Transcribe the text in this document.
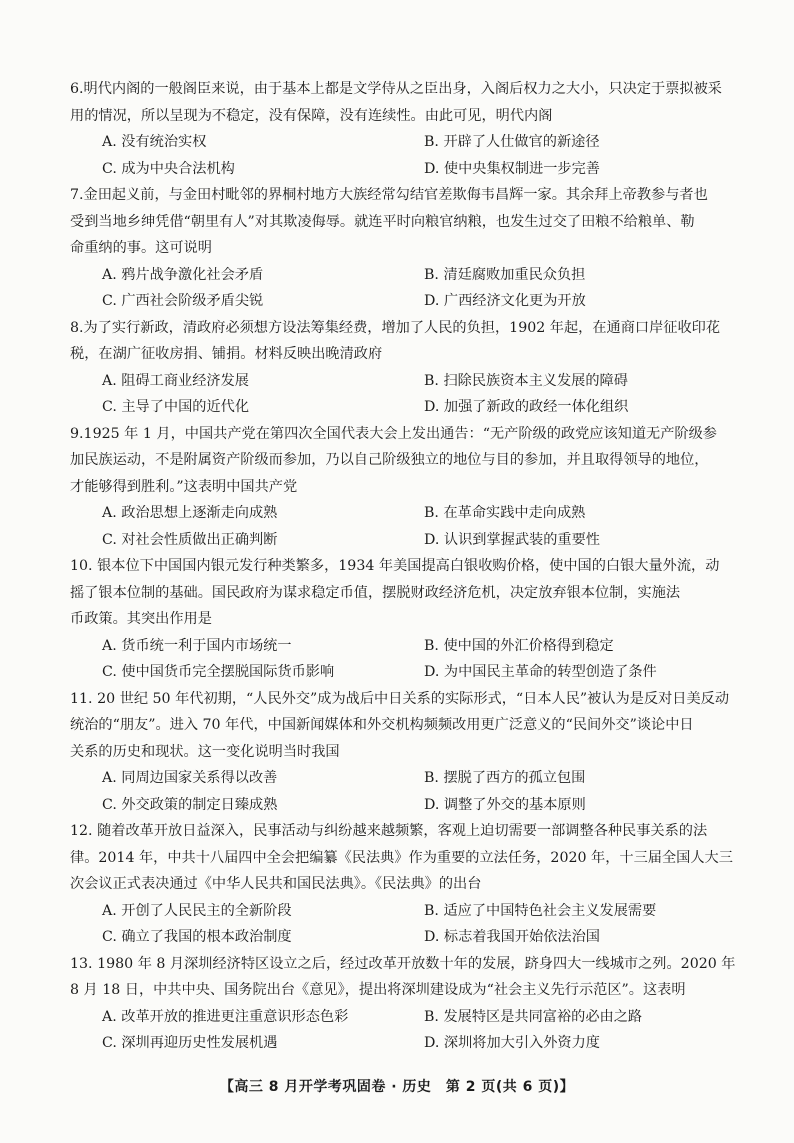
6.明代内阁的一般阁臣来说，由于基本上都是文学侍从之臣出身，入阁后权力之大小，只决定于票拟被采
用的情况，所以呈现为不稳定，没有保障，没有连续性。由此可见，明代内阁
A. 没有统治实权	B. 开辟了人仕做官的新途径
C. 成为中央合法机构	D. 使中央集权制进一步完善
7.金田起义前，与金田村毗邻的界桐村地方大族经常勾结官差欺侮韦昌辉一家。其余拜上帝教参与者也
受到当地乡绅凭借“朝里有人”对其欺凌侮辱。就连平时向粮官纳粮，也发生过交了田粮不给粮单、勒
命重纳的事。这可说明
A. 鸦片战争激化社会矛盾	B. 清廷腐败加重民众负担
C. 广西社会阶级矛盾尖锐	D. 广西经济文化更为开放
8.为了实行新政，清政府必须想方设法筹集经费，增加了人民的负担，1902 年起，在通商口岸征收印花
税，在湖广征收房捐、铺捐。材料反映出晚清政府
A. 阻碍工商业经济发展	B. 扫除民族资本主义发展的障碍
C. 主导了中国的近代化	D. 加强了新政的政经一体化组织
9.1925 年 1 月，中国共产党在第四次全国代表大会上发出通告：“无产阶级的政党应该知道无产阶级参
加民族运动，不是附属资产阶级而参加，乃以自己阶级独立的地位与目的参加，并且取得领导的地位，
才能够得到胜利。”这表明中国共产党
A. 政治思想上逐渐走向成熟	B. 在革命实践中走向成熟
C. 对社会性质做出正确判断	D. 认识到掌握武装的重要性
10. 银本位下中国国内银元发行种类繁多，1934 年美国提高白银收购价格，使中国的白银大量外流，动
摇了银本位制的基础。国民政府为谋求稳定币值，摆脱财政经济危机，决定放弃银本位制，实施法
币政策。其突出作用是
A. 货币统一利于国内市场统一	B. 使中国的外汇价格得到稳定
C. 使中国货币完全摆脱国际货币影响	D. 为中国民主革命的转型创造了条件
11. 20 世纪 50 年代初期，“人民外交”成为战后中日关系的实际形式，“日本人民”被认为是反对日美反动
统治的“朋友”。进入 70 年代，中国新闻媒体和外交机构频频改用更广泛意义的“民间外交”谈论中日
关系的历史和现状。这一变化说明当时我国
A. 同周边国家关系得以改善	B. 摆脱了西方的孤立包围
C. 外交政策的制定日臻成熟	D. 调整了外交的基本原则
12. 随着改革开放日益深入，民事活动与纠纷越来越频繁，客观上迫切需要一部调整各种民事关系的法
律。2014 年，中共十八届四中全会把编纂《民法典》作为重要的立法任务，2020 年，十三届全国人大三
次会议正式表决通过《中华人民共和国民法典》。《民法典》的出台
A. 开创了人民民主的全新阶段	B. 适应了中国特色社会主义发展需要
C. 确立了我国的根本政治制度	D. 标志着我国开始依法治国
13. 1980 年 8 月深圳经济特区设立之后，经过改革开放数十年的发展，跻身四大一线城市之列。2020 年
8 月 18 日，中共中央、国务院出台《意见》，提出将深圳建设成为“社会主义先行示范区”。这表明
A. 改革开放的推进更注重意识形态色彩	B. 发展特区是共同富裕的必由之路
C. 深圳再迎历史性发展机遇	D. 深圳将加大引入外资力度
【高三 8 月开学考巩固卷 · 历史　第 2 页(共 6 页)】
